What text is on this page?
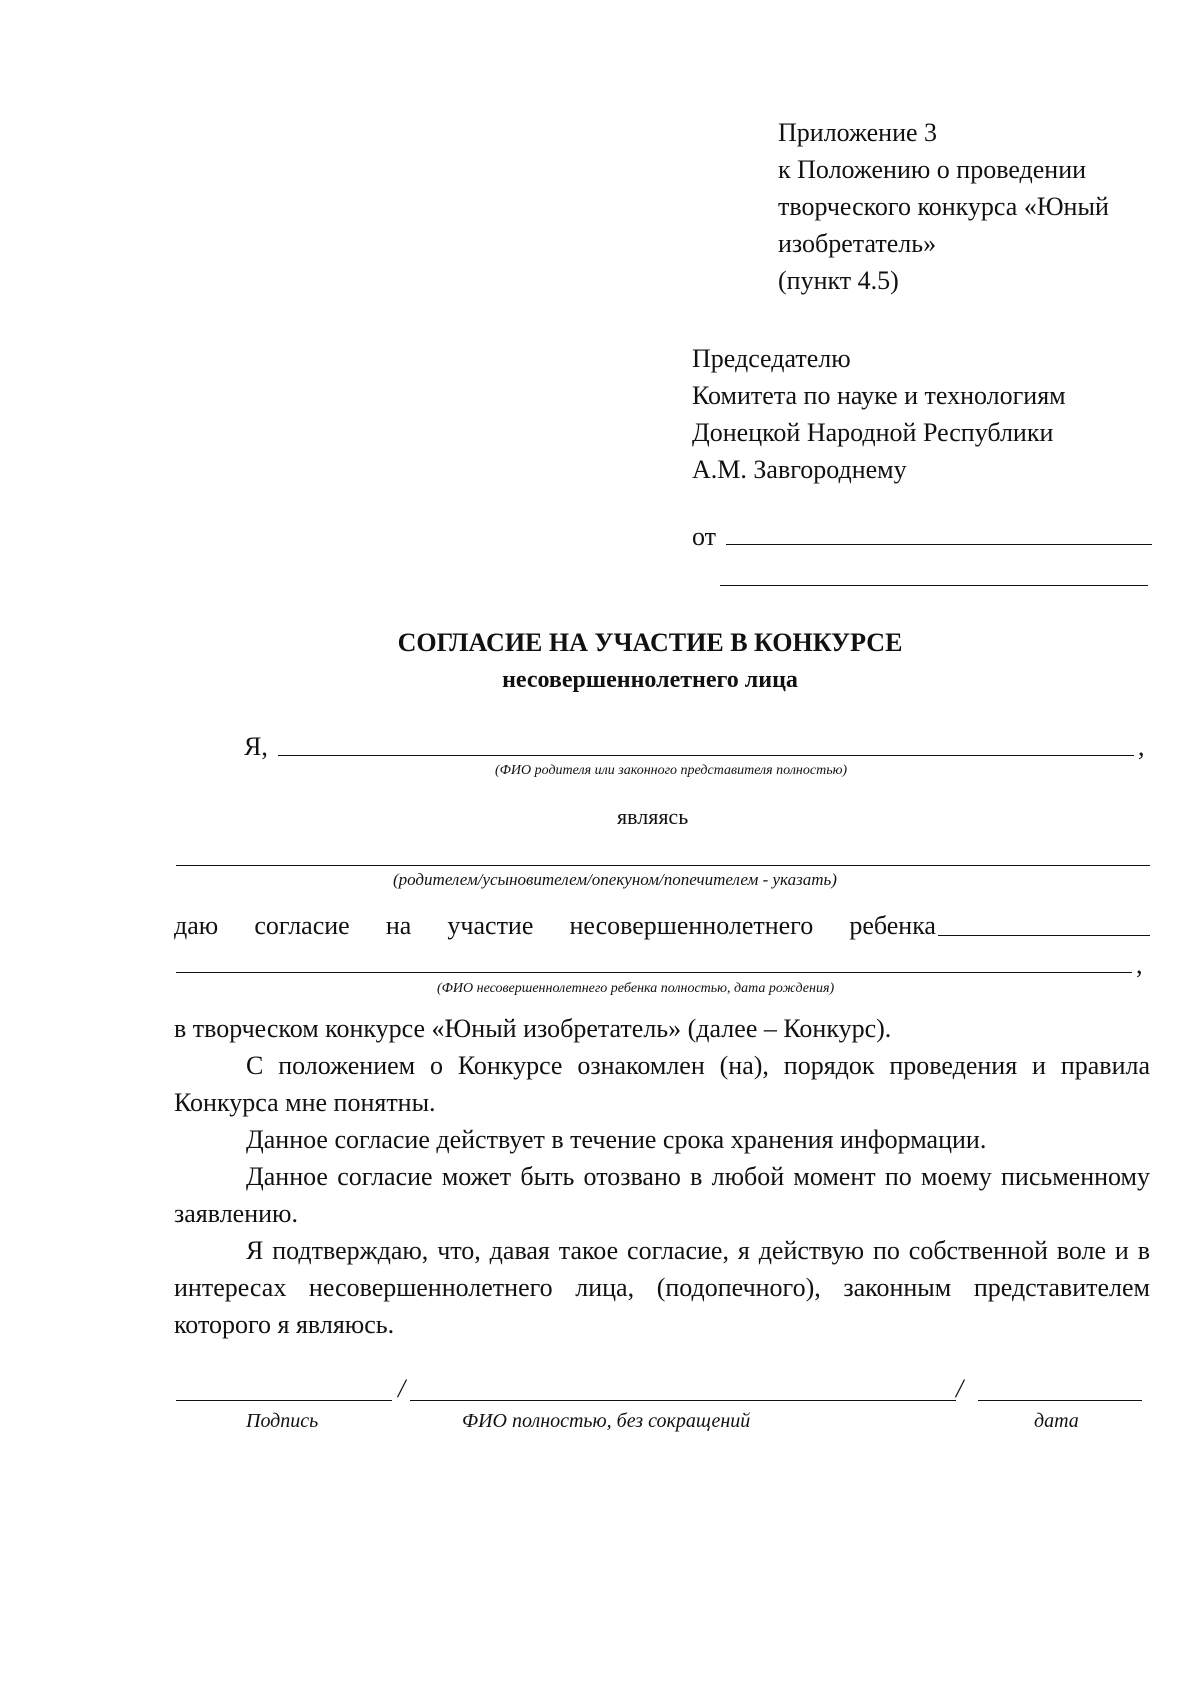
Приложение 3
к Положению о проведении
творческого конкурса «Юный
изобретатель»
(пункт 4.5)
Председателю
Комитета по науке и технологиям
Донецкой Народной Республики
А.М. Завгороднему
от
СОГЛАСИЕ НА УЧАСТИЕ В КОНКУРСЕ
несовершеннолетнего лица
Я,	,
(ФИО родителя или законного представителя полностью)
являясь
(родителем/усыновителем/опекуном/попечителем - указать)
даю согласие на участие несовершеннолетнего ребенка
,
(ФИО несовершеннолетнего ребенка полностью, дата рождения)
в творческом конкурсе «Юный изобретатель» (далее – Конкурс).
С положением о Конкурсе ознакомлен (на), порядок проведения и правила Конкурса мне понятны.
Данное согласие действует в течение срока хранения информации.
Данное согласие может быть отозвано в любой момент по моему письменному заявлению.
Я подтверждаю, что, давая такое согласие, я действую по собственной воле и в интересах несовершеннолетнего лица, (подопечного), законным представителем которого я являюсь.
/	/
Подпись	ФИО полностью, без сокращений	дата
